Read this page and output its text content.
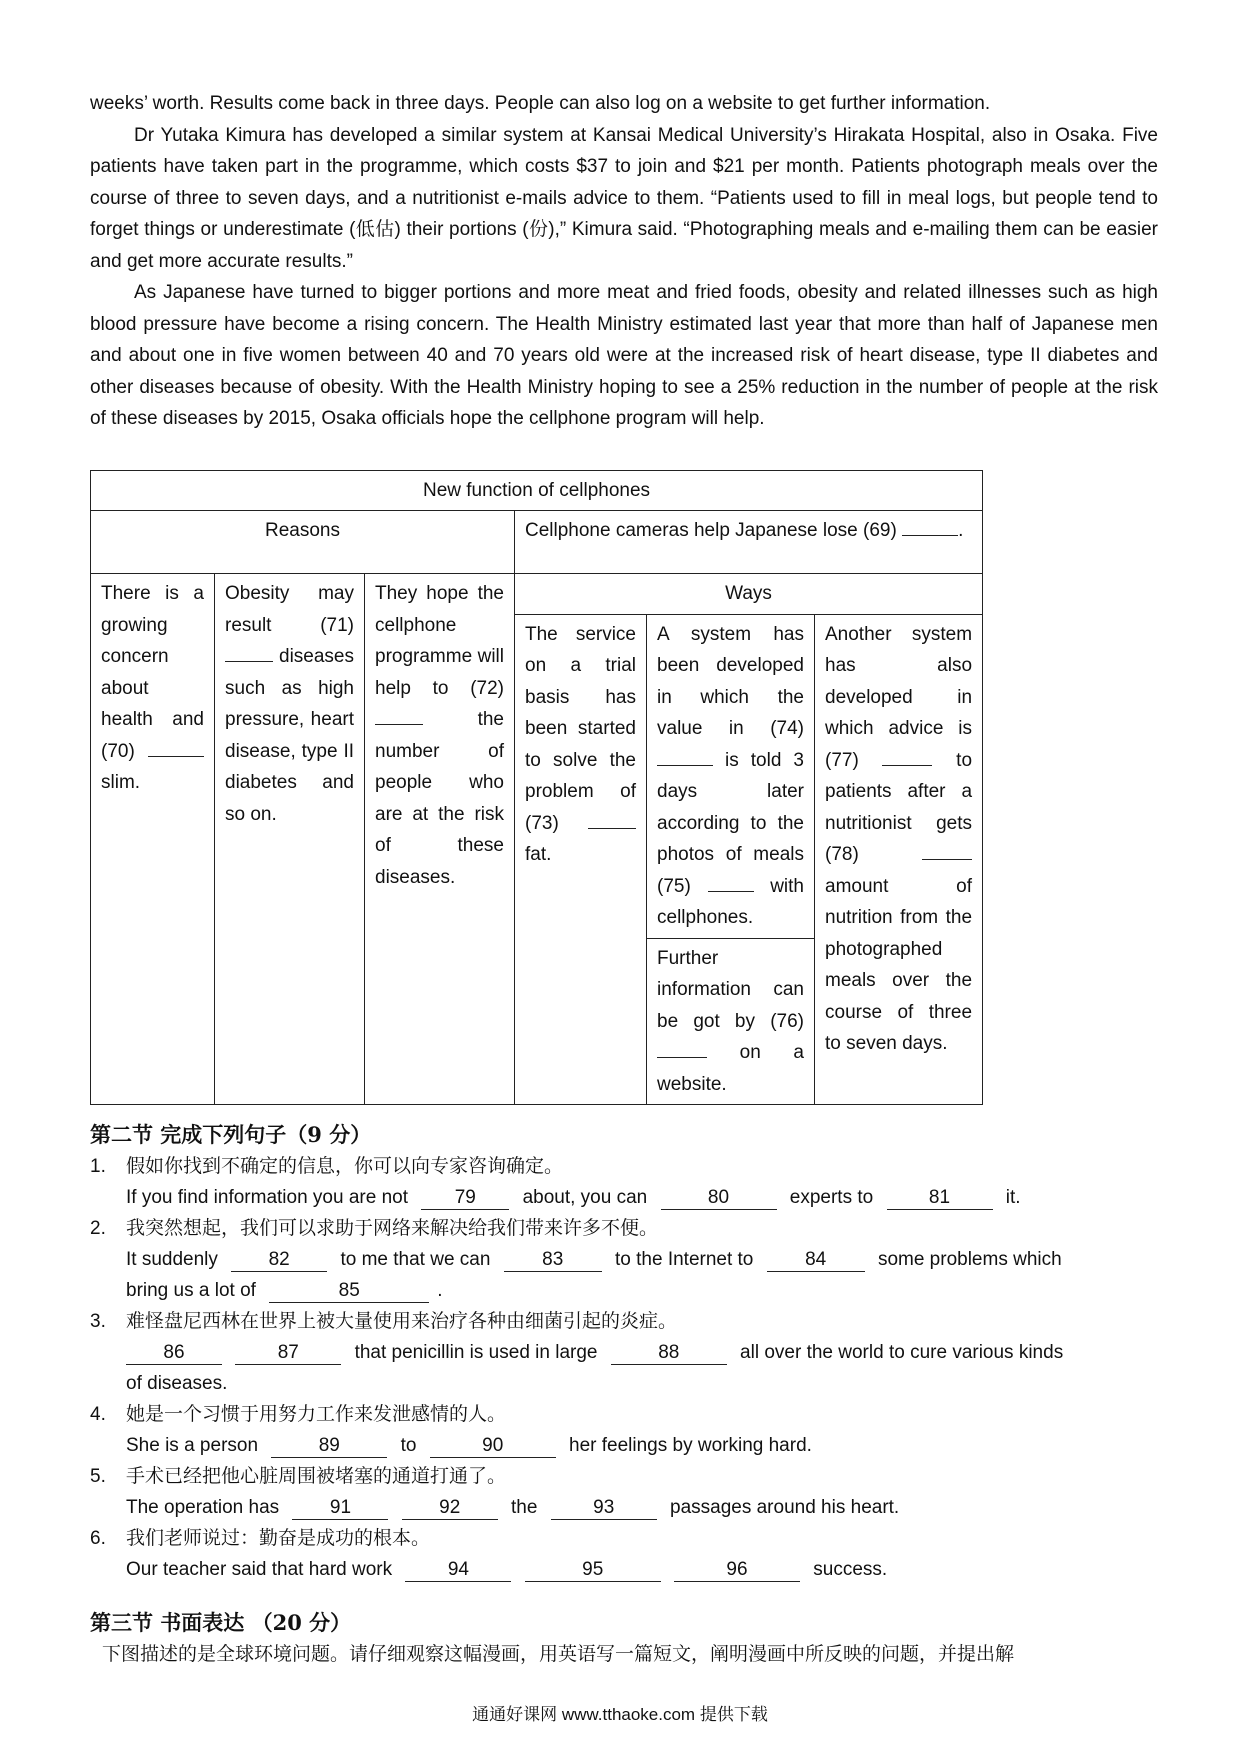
weeks’ worth. Results come back in three days. People can also log on a website to get further information.

Dr Yutaka Kimura has developed a similar system at Kansai Medical University’s Hirakata Hospital, also in Osaka. Five patients have taken part in the programme, which costs $37 to join and $21 per month. Patients photograph meals over the course of three to seven days, and a nutritionist e-mails advice to them. “Patients used to fill in meal logs, but people tend to forget things or underestimate (低估) their portions (份),” Kimura said. “Photographing meals and e-mailing them can be easier and get more accurate results.”

As Japanese have turned to bigger portions and more meat and fried foods, obesity and related illnesses such as high blood pressure have become a rising concern. The Health Ministry estimated last year that more than half of Japanese men and about one in five women between 40 and 70 years old were at the increased risk of heart disease, type II diabetes and other diseases because of obesity. With the Health Ministry hoping to see a 25% reduction in the number of people at the risk of these diseases by 2015, Osaka officials hope the cellphone program will help.

New function of cellphones					
Reasons			Cellphone cameras help Japanese lose (69) .		
There is a growing concern about health and (70)  slim.	Obesity may result (71)  diseases such as high pressure, heart disease, type II diabetes and so on.	They hope the cellphone programme will help to (72)  the number of people who are at the risk of these diseases.	Ways		
			The service on a trial basis has been started to solve the problem of (73)  fat.	A system has been developed in which the value in (74)  is told 3 days later according to the photos of meals (75) with cellphones.	Another system has also developed in which advice is (77) to patients after a nutritionist gets (78)  amount of nutrition from the photographed meals over the course of three to seven days.
				Further information can be got by (76)  on a website.	
第二节 完成下列句子（9 分）
1. 假如你找到不确定的信息，你可以向专家咨询确定。
If you find information you are not 79 about, you can	80	experts to	81	it.
2. 我突然想起，我们可以求助于网络来解决给我们带来许多不便。
It suddenly	82	to me that we can	83	to the Internet to	84	some problems which
bring us a lot of	85	.
3. 难怪盘尼西林在世界上被大量使用来治疗各种由细菌引起的炎症。
86	87	that penicillin is used in large	88	all over the world to cure various kinds
of diseases.
4. 她是一个习惯于用努力工作来发泄感情的人。
She is a person	89	to	90	her feelings by working hard.
5. 手术已经把他心脏周围被堵塞的通道打通了。
The operation has	91	92	the	93	passages around his heart.
6. 我们老师说过：勤奋是成功的根本。
Our teacher said that hard work	94	95	96	success.
第三节 书面表达 （20 分）
下图描述的是全球环境问题。请仔细观察这幅漫画，用英语写一篇短文，阐明漫画中所反映的问题，并提出解
通通好课网 www.tthaoke.com 提供下载
